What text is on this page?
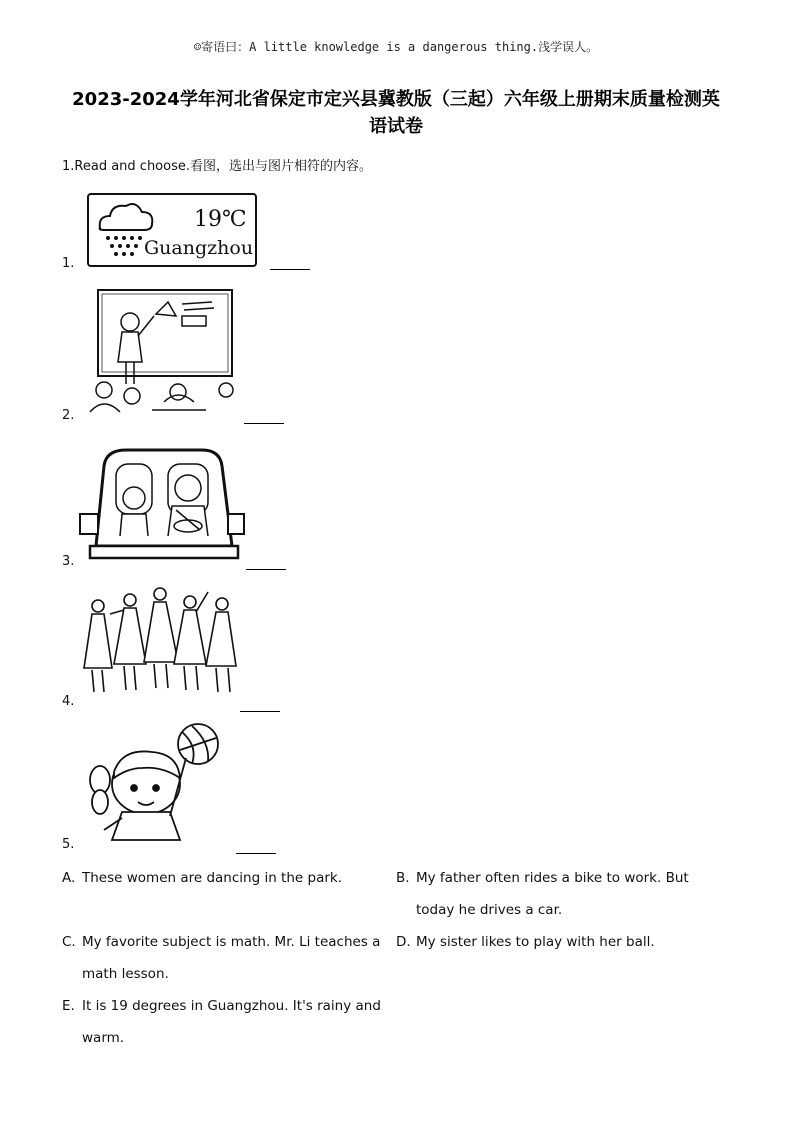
☺寄语曰：A little knowledge is a dangerous thing.浅学误人。
2023-2024学年河北省保定市定兴县冀教版（三起）六年级上册期末质量检测英
语试卷
1.Read and choose.看图，选出与图片相符的内容。
1.
19℃
Guangzhou
2.
3.
4.
5.
A. These women are dancing in the park.	B. My father often rides a bike to work. But
today he drives a car.
C. My favorite subject is math. Mr. Li teaches a
math lesson.
D. My sister likes to play with her ball.
E. It is 19 degrees in Guangzhou. It's rainy and
warm.
